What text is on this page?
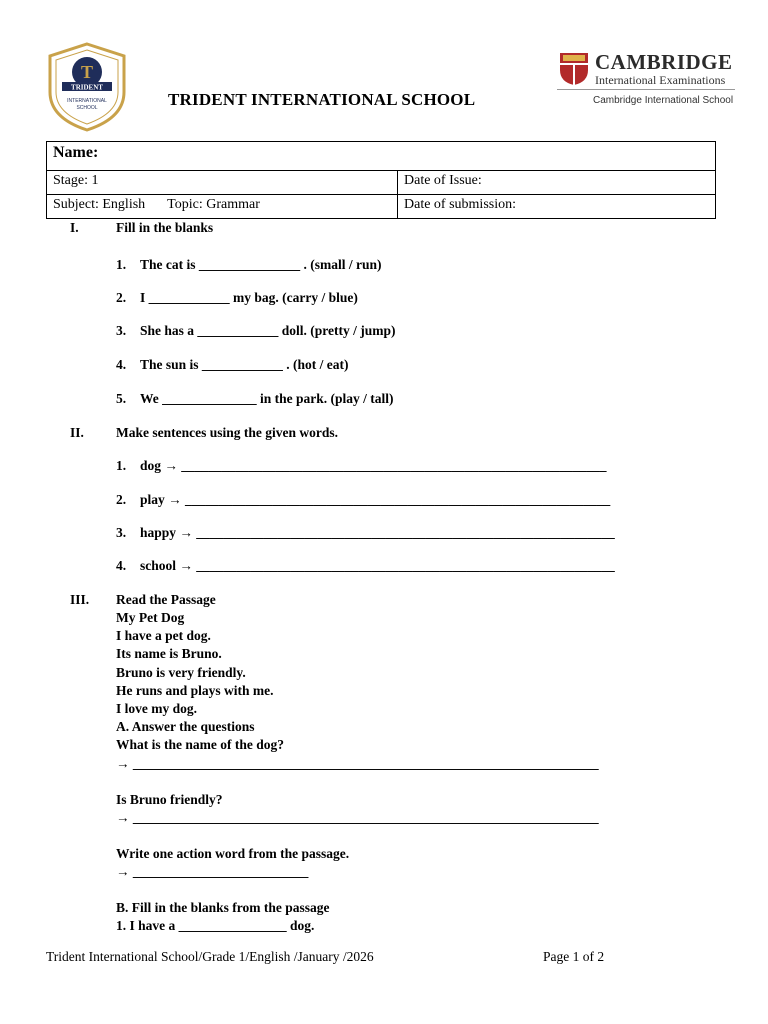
T
TRIDENT
INTERNATIONAL
SCHOOL	TRIDENT INTERNATIONAL SCHOOL
CAMBRIDGE
International Examinations
Cambridge International School
Name:	
Stage: 1	Date of Issue:
Subject: English Topic: Grammar	Date of submission:
I.	Fill in the blanks
1. The cat is _______________ . (small / run)
2. I ____________ my bag. (carry / blue)
3. She has a ____________ doll. (pretty / jump)
4. The sun is ____________ . (hot / eat)
5. We ______________ in the park. (play / tall)
II. Make sentences using the given words.
1. dog → _______________________________________________________________
2. play → _______________________________________________________________
3. happy → ______________________________________________________________
4. school → ______________________________________________________________
III. Read the Passage
My Pet Dog
I have a pet dog.
Its name is Bruno.
Bruno is very friendly.
He runs and plays with me.
I love my dog.
A. Answer the questions
What is the name of the dog?
→ _____________________________________________________________________
Is Bruno friendly?
→ _____________________________________________________________________
Write one action word from the passage.
→ __________________________
B. Fill in the blanks from the passage
1. I have a ________________ dog.
Trident International School/Grade 1/English /January /2026	Page 1 of 2
